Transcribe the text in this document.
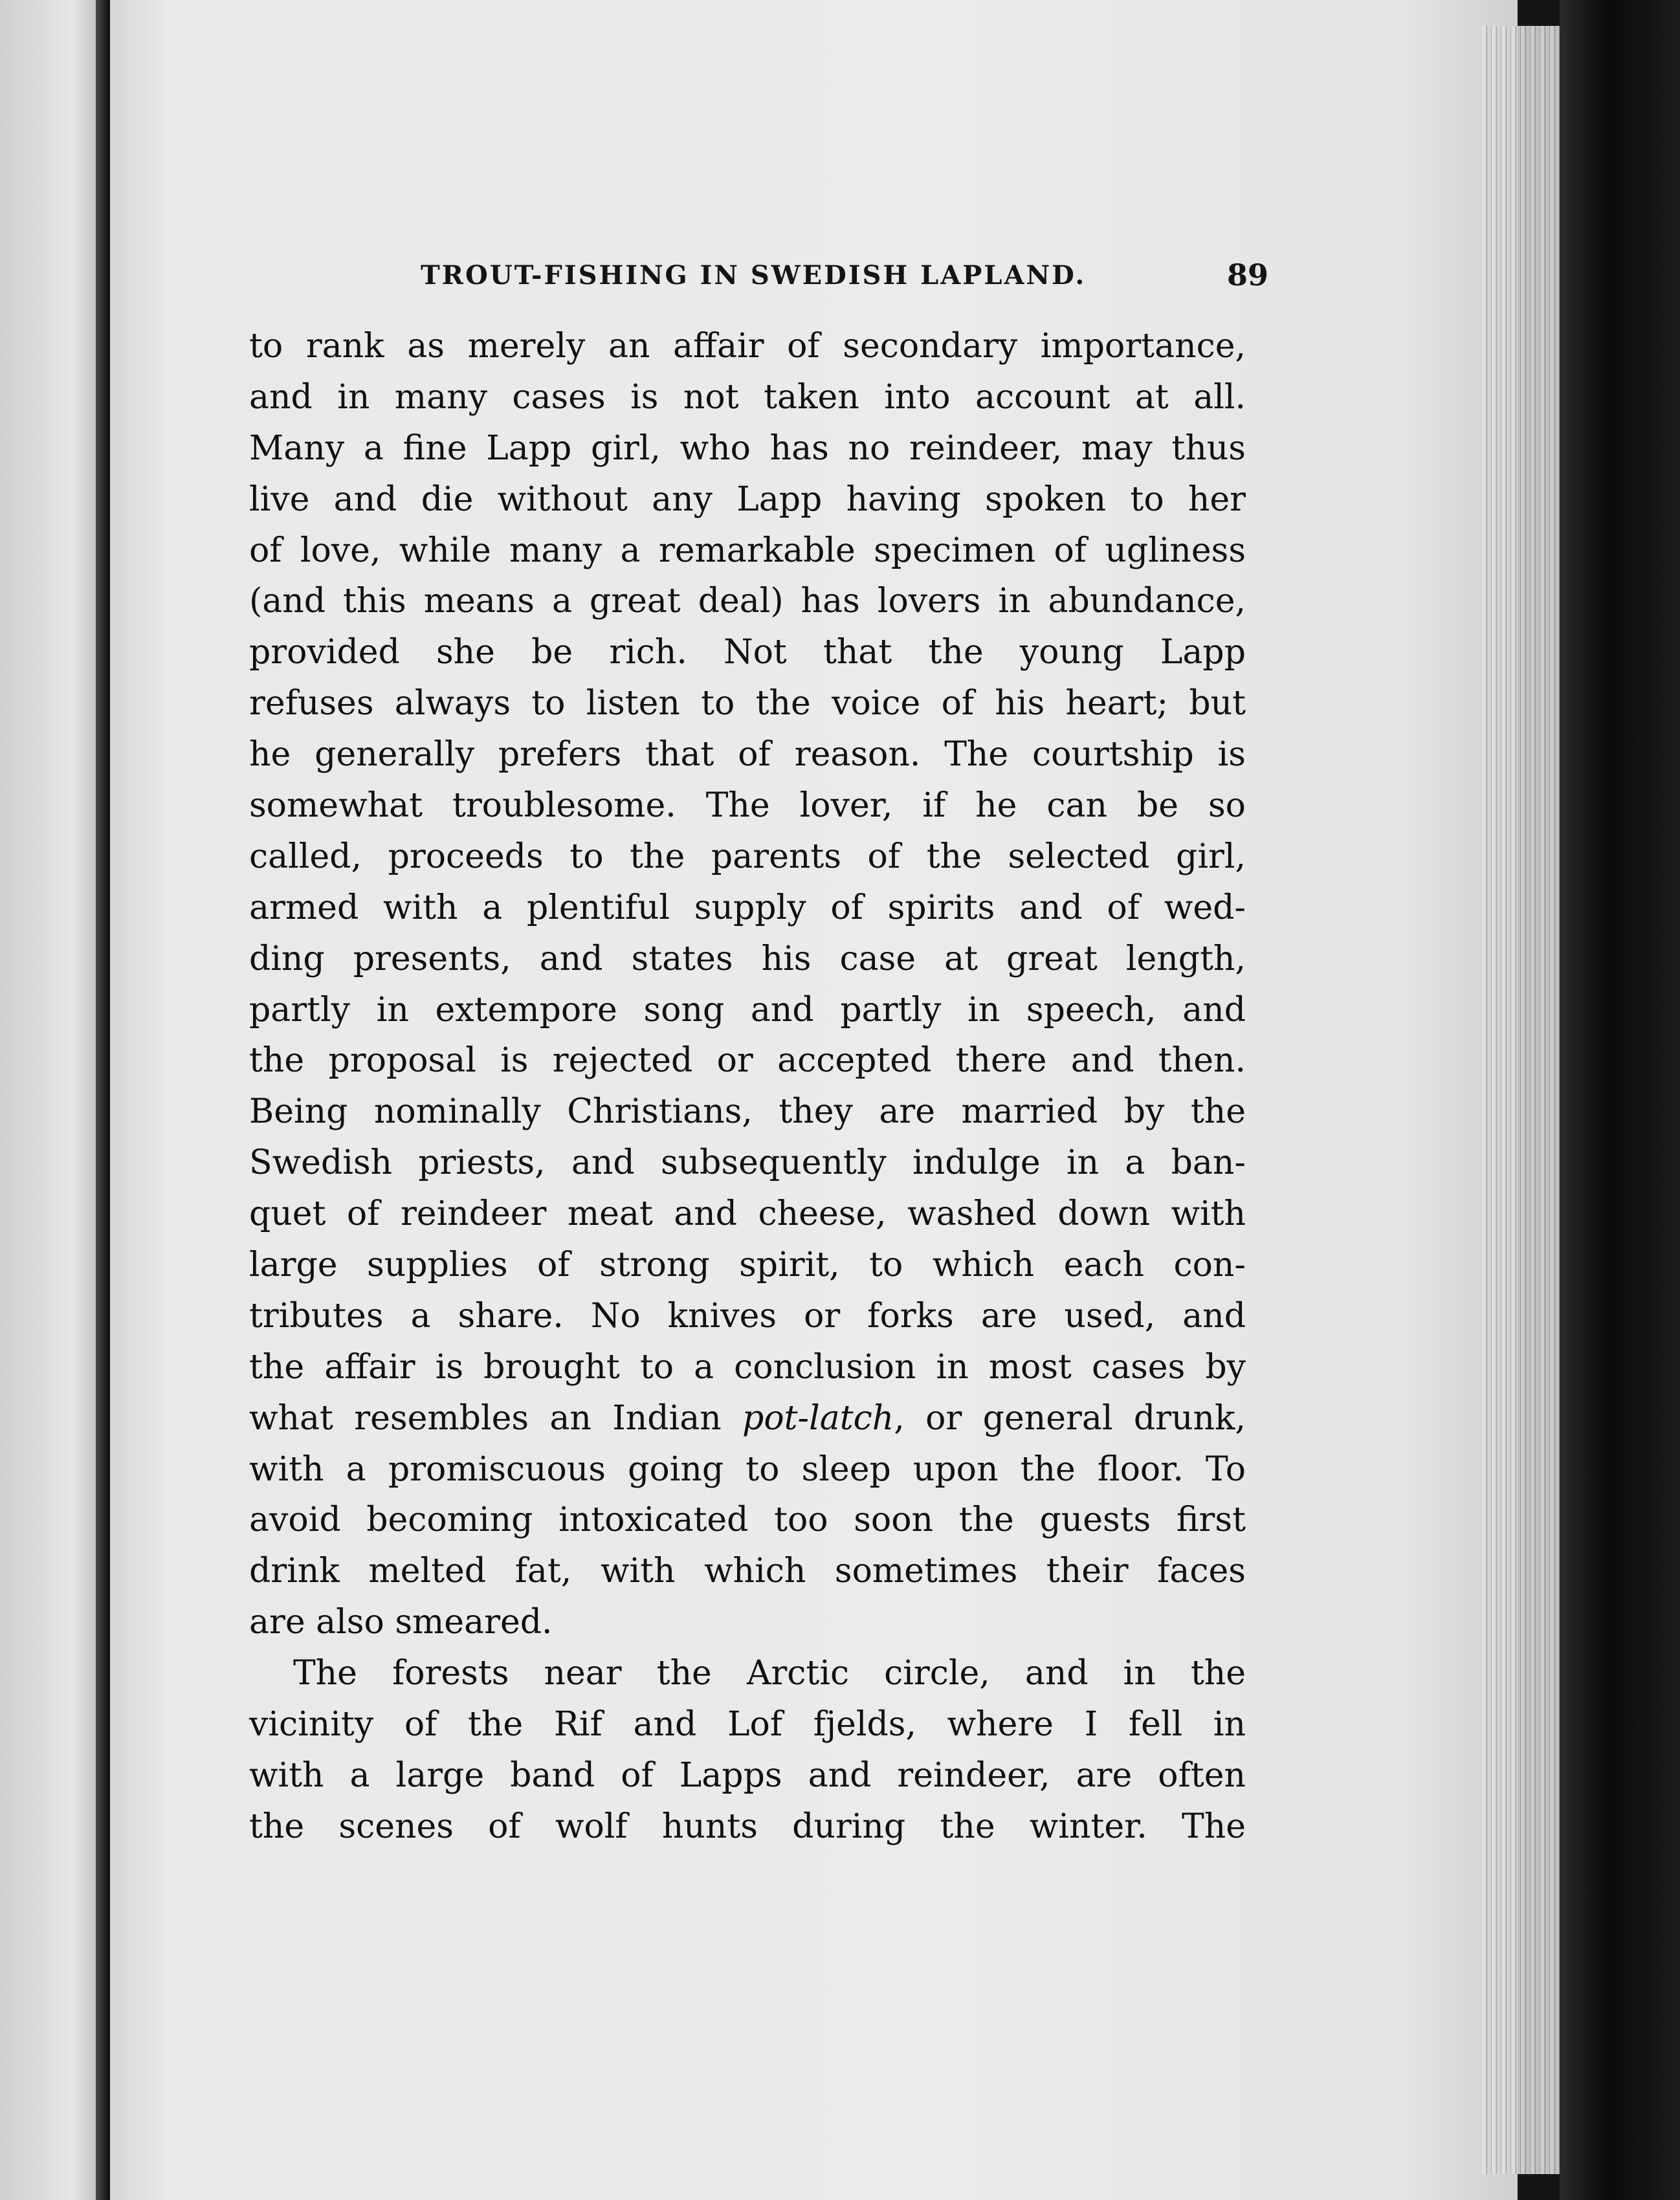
TROUT-FISHING IN SWEDISH LAPLAND.	89
to rank as merely an affair of secondary importance,
and in many cases is not taken into account at all.
Many a fine Lapp girl, who has no reindeer, may thus
live and die without any Lapp having spoken to her
of love, while many a remarkable specimen of ugliness
(and this means a great deal) has lovers in abundance,
provided she be rich. Not that the young Lapp
refuses always to listen to the voice of his heart; but
he generally prefers that of reason. The courtship is
somewhat troublesome. The lover, if he can be so
called, proceeds to the parents of the selected girl,
armed with a plentiful supply of spirits and of wed-
ding presents, and states his case at great length,
partly in extempore song and partly in speech, and
the proposal is rejected or accepted there and then.
Being nominally Christians, they are married by the
Swedish priests, and subsequently indulge in a ban-
quet of reindeer meat and cheese, washed down with
large supplies of strong spirit, to which each con-
tributes a share. No knives or forks are used, and
the affair is brought to a conclusion in most cases by
what resembles an Indian pot-latch, or general drunk,
with a promiscuous going to sleep upon the floor. To
avoid becoming intoxicated too soon the guests first
drink melted fat, with which sometimes their faces
are also smeared.
The forests near the Arctic circle, and in the
vicinity of the Rif and Lof fjelds, where I fell in
with a large band of Lapps and reindeer, are often
the scenes of wolf hunts during the winter. The
